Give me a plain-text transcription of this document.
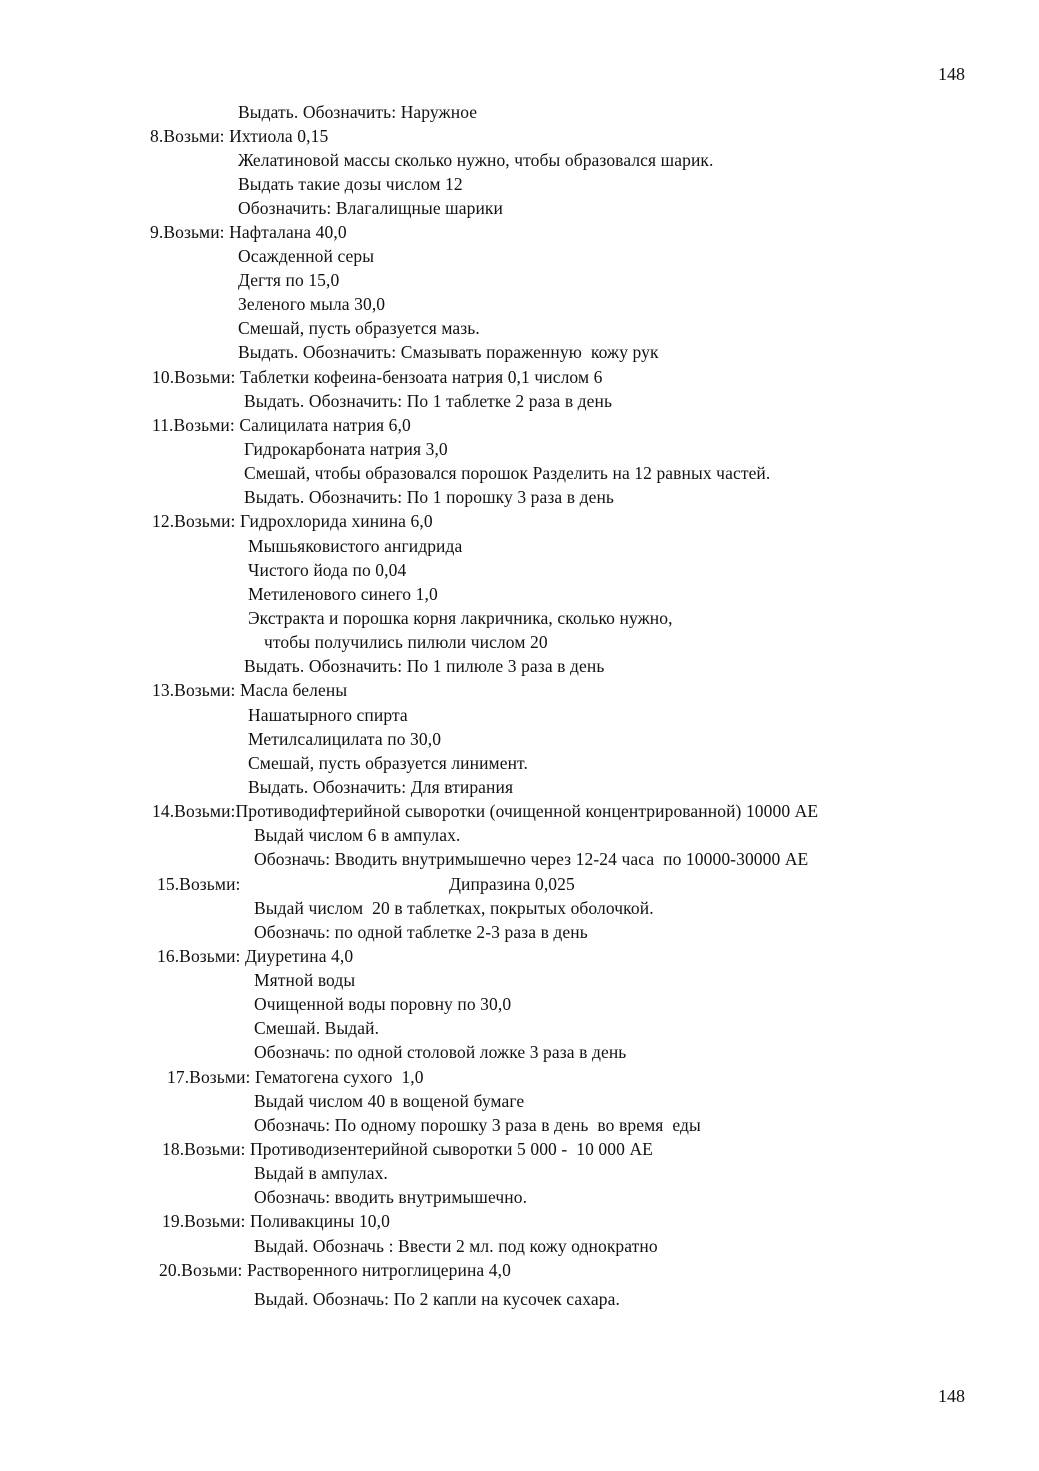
148
Выдать. Обозначить: Наружное
8.Возьми: Ихтиола 0,15
Желатиновой массы сколько нужно, чтобы образовался шарик.
Выдать такие дозы числом 12
Обозначить: Влагалищные шарики
9.Возьми: Нафталана 40,0
Осажденной серы
Дегтя по 15,0
Зеленого мыла 30,0
Смешай, пусть образуется мазь.
Выдать. Обозначить: Смазывать пораженную  кожу рук
10.Возьми: Таблетки кофеина-бензоата натрия 0,1 числом 6
Выдать. Обозначить: По 1 таблетке 2 раза в день
11.Возьми: Салицилата натрия 6,0
Гидрокарбоната натрия 3,0
Смешай, чтобы образовался порошок Разделить на 12 равных частей.
Выдать. Обозначить: По 1 порошку 3 раза в день
12.Возьми: Гидрохлорида хинина 6,0
Мышьяковистого ангидрида
Чистого йода по 0,04
Метиленового синего 1,0
Экстракта и порошка корня лакричника, сколько нужно,
чтобы получились пилюли числом 20
Выдать. Обозначить: По 1 пилюле 3 раза в день
13.Возьми: Масла белены
Нашатырного спирта
Метилсалицилата по 30,0
Смешай, пусть образуется линимент.
Выдать. Обозначить: Для втирания
14.Возьми:Противодифтерийной сыворотки (очищенной концентрированной) 10000 АЕ
Выдай числом 6 в ампулах.
Обозначь: Вводить внутримышечно через 12-24 часа  по 10000-30000 АЕ
15.Возьми:	Дипразина 0,025
Выдай числом  20 в таблетках, покрытых оболочкой.
Обозначь: по одной таблетке 2-3 раза в день
16.Возьми: Диуретина 4,0
Мятной воды
Очищенной воды поровну по 30,0
Смешай. Выдай.
Обозначь: по одной столовой ложке 3 раза в день
17.Возьми: Гематогена сухого  1,0
Выдай числом 40 в вощеной бумаге
Обозначь: По одному порошку 3 раза в день  во время  еды
18.Возьми: Противодизентерийной сыворотки 5 000 -  10 000 АЕ
Выдай в ампулах.
Обозначь: вводить внутримышечно.
19.Возьми: Поливакцины 10,0
Выдай. Обозначь : Ввести 2 мл. под кожу однократно
20.Возьми: Растворенного нитроглицерина 4,0
Выдай. Обозначь: По 2 капли на кусочек сахара.
148
